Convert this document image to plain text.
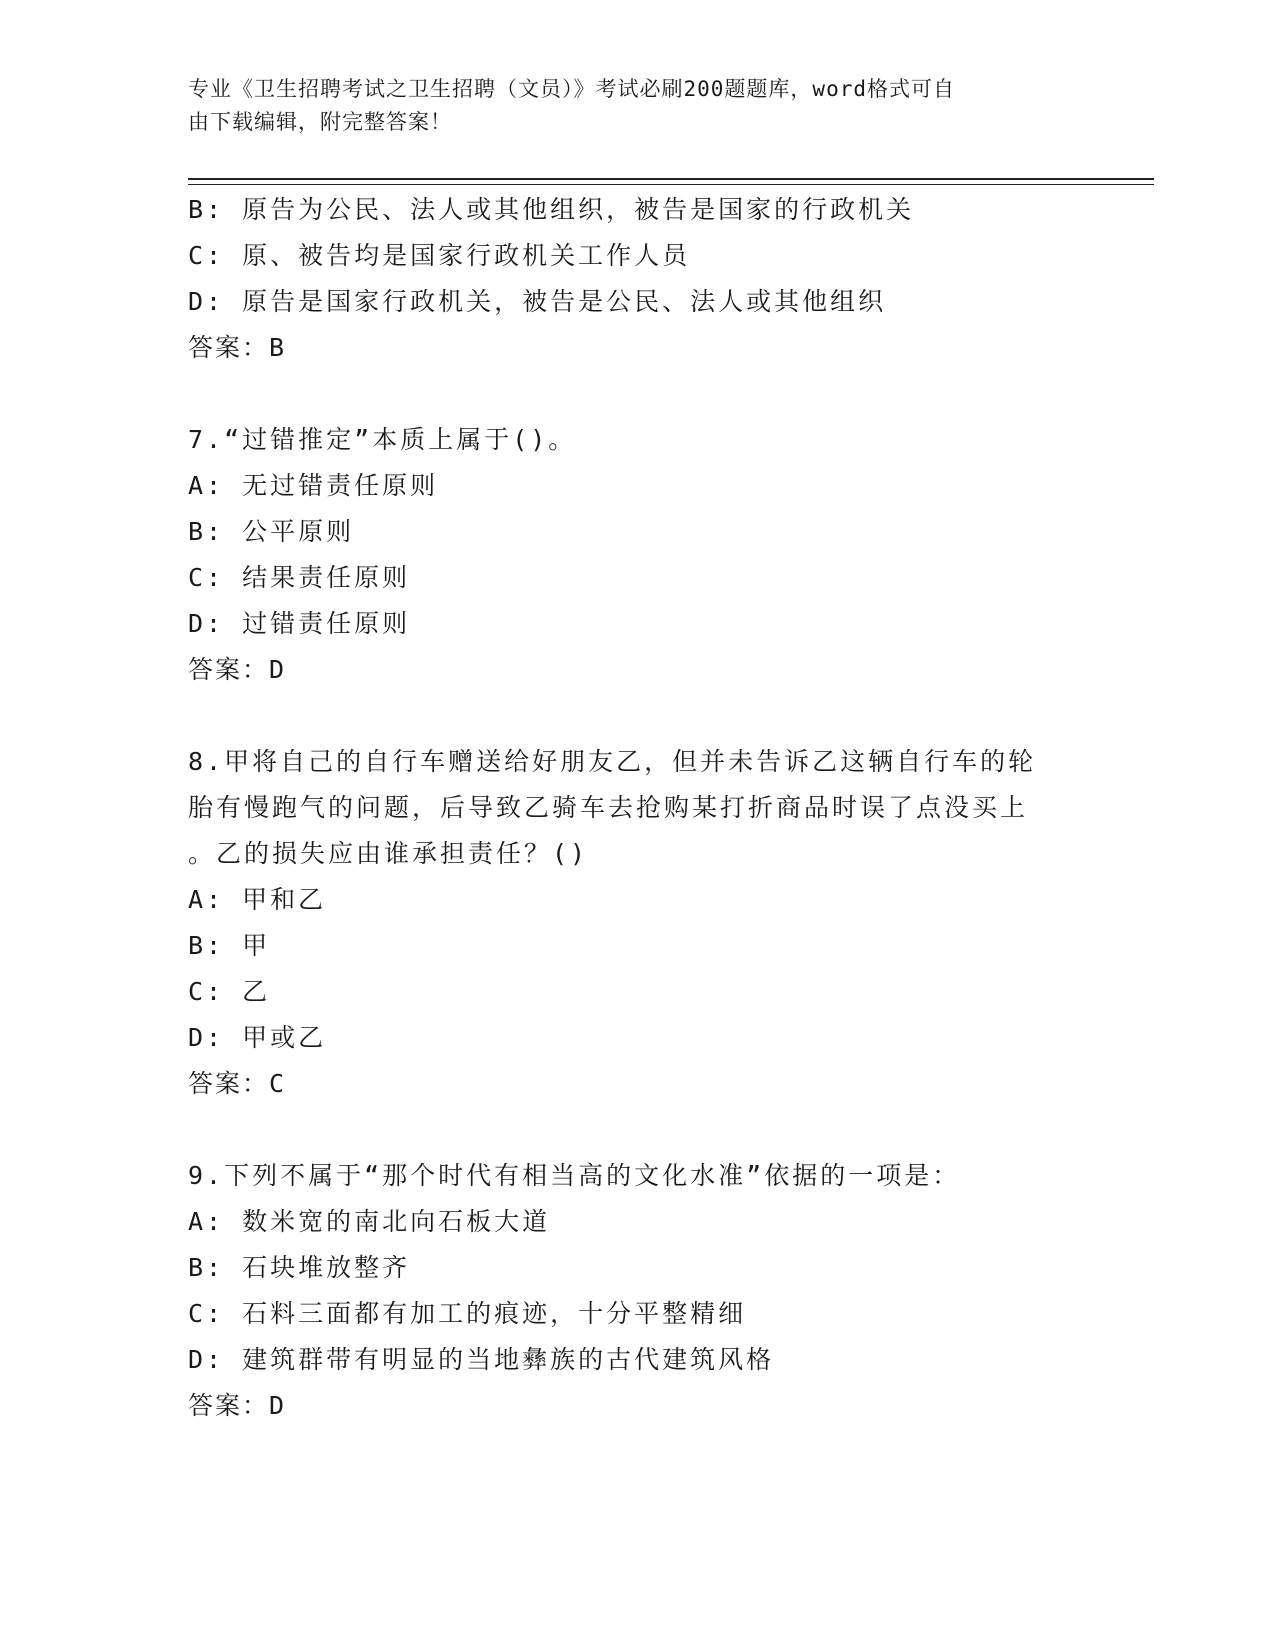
专业《卫生招聘考试之卫生招聘（文员）》考试必刷200题题库，word格式可自
由下载编辑，附完整答案！
B: 原告为公民、法人或其他组织，被告是国家的行政机关
C: 原、被告均是国家行政机关工作人员
D: 原告是国家行政机关，被告是公民、法人或其他组织
答案：B
7.“过错推定”本质上属于()。
A: 无过错责任原则
B: 公平原则
C: 结果责任原则
D: 过错责任原则
答案：D
8.甲将自己的自行车赠送给好朋友乙，但并未告诉乙这辆自行车的轮
胎有慢跑气的问题，后导致乙骑车去抢购某打折商品时误了点没买上
。乙的损失应由谁承担责任？()
A: 甲和乙
B: 甲
C: 乙
D: 甲或乙
答案：C
9.下列不属于“那个时代有相当高的文化水准”依据的一项是：
A: 数米宽的南北向石板大道
B: 石块堆放整齐
C: 石料三面都有加工的痕迹，十分平整精细
D: 建筑群带有明显的当地彝族的古代建筑风格
答案：D
